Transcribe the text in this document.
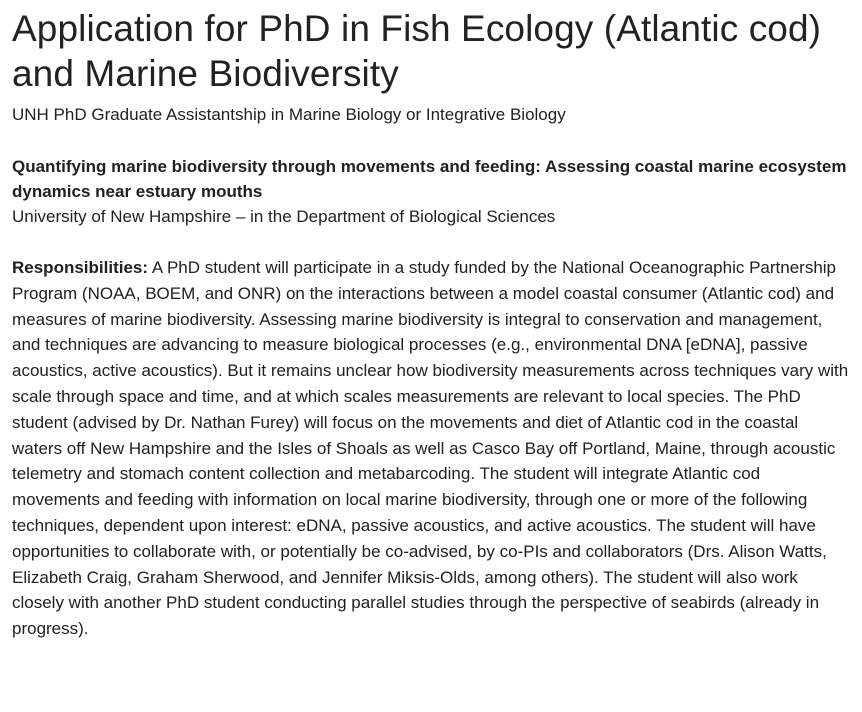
Application for PhD in Fish Ecology (Atlantic cod) and Marine Biodiversity

UNH PhD Graduate Assistantship in Marine Biology or Integrative Biology

Quantifying marine biodiversity through movements and feeding: Assessing coastal marine ecosystem dynamics near estuary mouths

University of New Hampshire – in the Department of Biological Sciences

Responsibilities: A PhD student will participate in a study funded by the National Oceanographic Partnership Program (NOAA, BOEM, and ONR) on the interactions between a model coastal consumer (Atlantic cod) and measures of marine biodiversity. Assessing marine biodiversity is integral to conservation and management, and techniques are advancing to measure biological processes (e.g., environmental DNA [eDNA], passive acoustics, active acoustics). But it remains unclear how biodiversity measurements across techniques vary with scale through space and time, and at which scales measurements are relevant to local species. The PhD student (advised by Dr. Nathan Furey) will focus on the movements and diet of Atlantic cod in the coastal waters off New Hampshire and the Isles of Shoals as well as Casco Bay off Portland, Maine, through acoustic telemetry and stomach content collection and metabarcoding. The student will integrate Atlantic cod movements and feeding with information on local marine biodiversity, through one or more of the following techniques, dependent upon interest: eDNA, passive acoustics, and active acoustics. The student will have opportunities to collaborate with, or potentially be co-advised, by co-PIs and collaborators (Drs. Alison Watts, Elizabeth Craig, Graham Sherwood, and Jennifer Miksis-Olds, among others). The student will also work closely with another PhD student conducting parallel studies through the perspective of seabirds (already in progress).
